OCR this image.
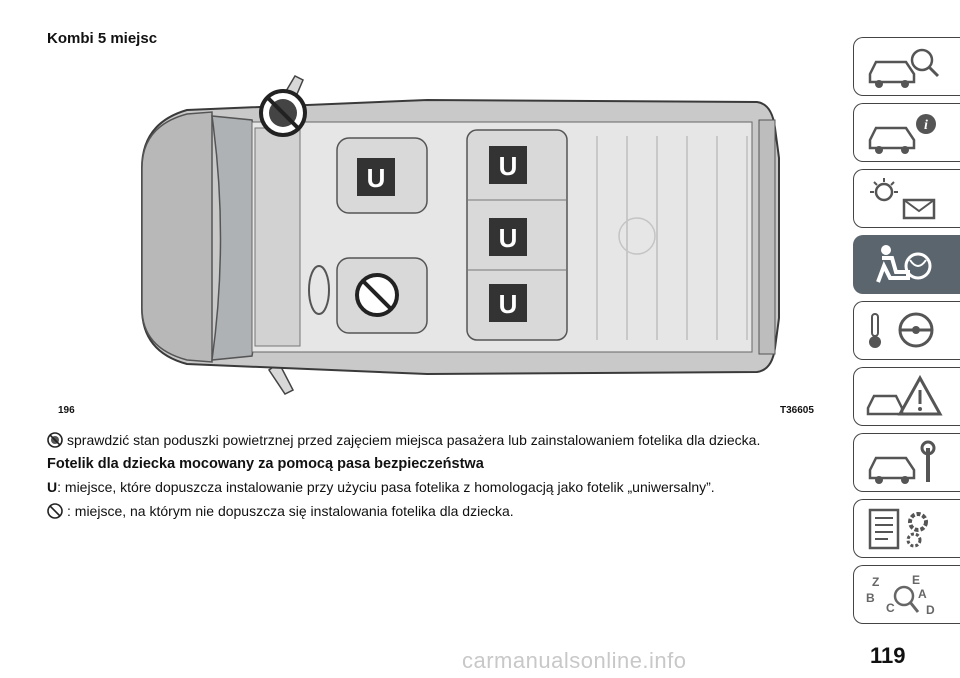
Kombi 5 miejsc
U	U
U
U
196	T36605
sprawdzić stan poduszki powietrznej przed zajęciem miejsca pasażera lub zainstalowaniem fotelika dla dziecka.
Fotelik dla dziecka mocowany za pomocą pasa bezpieczeństwa
U : miejsce, które dopuszcza instalowanie przy użyciu pasa fotelika z homologacją jako fotelik „uniwersalny”.
: miejsce, na którym nie dopuszcza się instalowania fotelika dla dziecka.
i
Z	E
B	A
C	D
119
carmanualsonline.info
